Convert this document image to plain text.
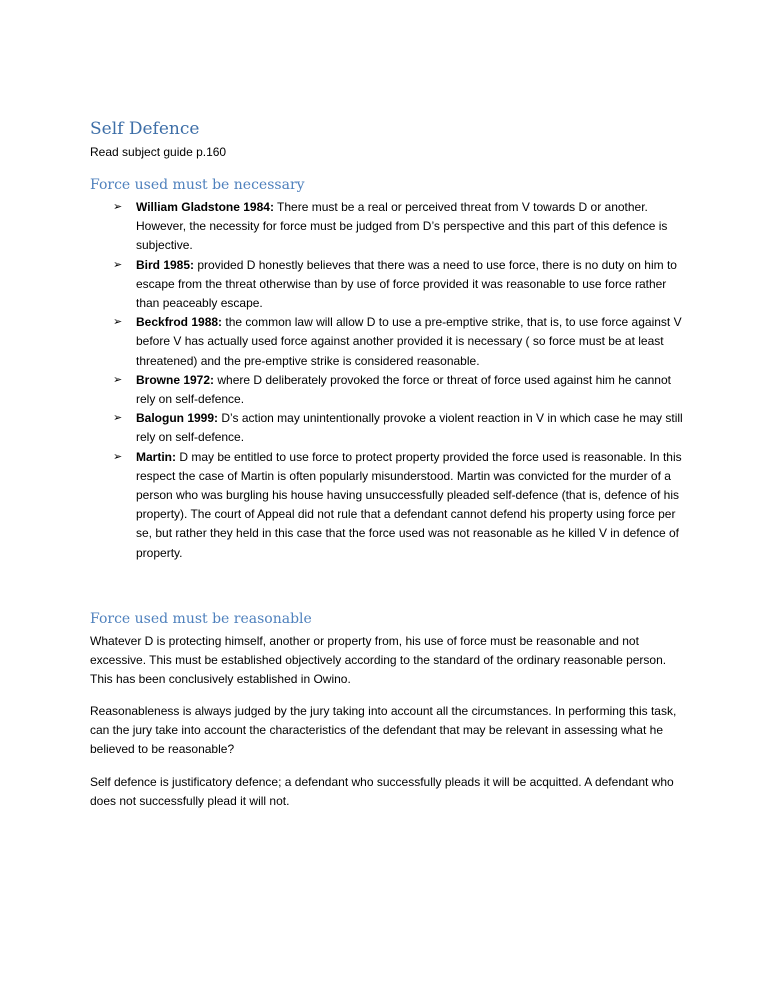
Self Defence

Read subject guide p.160

Force used must be necessary
➢ William Gladstone 1984: There must be a real or perceived threat from V towards D or another. However, the necessity for force must be judged from D’s perspective and this part of this defence is subjective.
➢ Bird 1985: provided D honestly believes that there was a need to use force, there is no duty on him to escape from the threat otherwise than by use of force provided it was reasonable to use force rather than peaceably escape.
➢ Beckfrod 1988: the common law will allow D to use a pre-emptive strike, that is, to use force against V before V has actually used force against another provided it is necessary ( so force must be at least threatened) and the pre-emptive strike is considered reasonable.
➢ Browne 1972: where D deliberately provoked the force or threat of force used against him he cannot rely on self-defence.
➢ Balogun 1999: D’s action may unintentionally provoke a violent reaction in V in which case he may still rely on self-defence.
➢ Martin: D may be entitled to use force to protect property provided the force used is reasonable. In this respect the case of Martin is often popularly misunderstood. Martin was convicted for the murder of a person who was burgling his house having unsuccessfully pleaded self-defence (that is, defence of his property). The court of Appeal did not rule that a defendant cannot defend his property using force per se, but rather they held in this case that the force used was not reasonable as he killed V in defence of property.
Force used must be reasonable

Whatever D is protecting himself, another or property from, his use of force must be reasonable and not excessive. This must be established objectively according to the standard of the ordinary reasonable person. This has been conclusively established in Owino.

Reasonableness is always judged by the jury taking into account all the circumstances. In performing this task, can the jury take into account the characteristics of the defendant that may be relevant in assessing what he believed to be reasonable?

Self defence is justificatory defence; a defendant who successfully pleads it will be acquitted. A defendant who does not successfully plead it will not.
